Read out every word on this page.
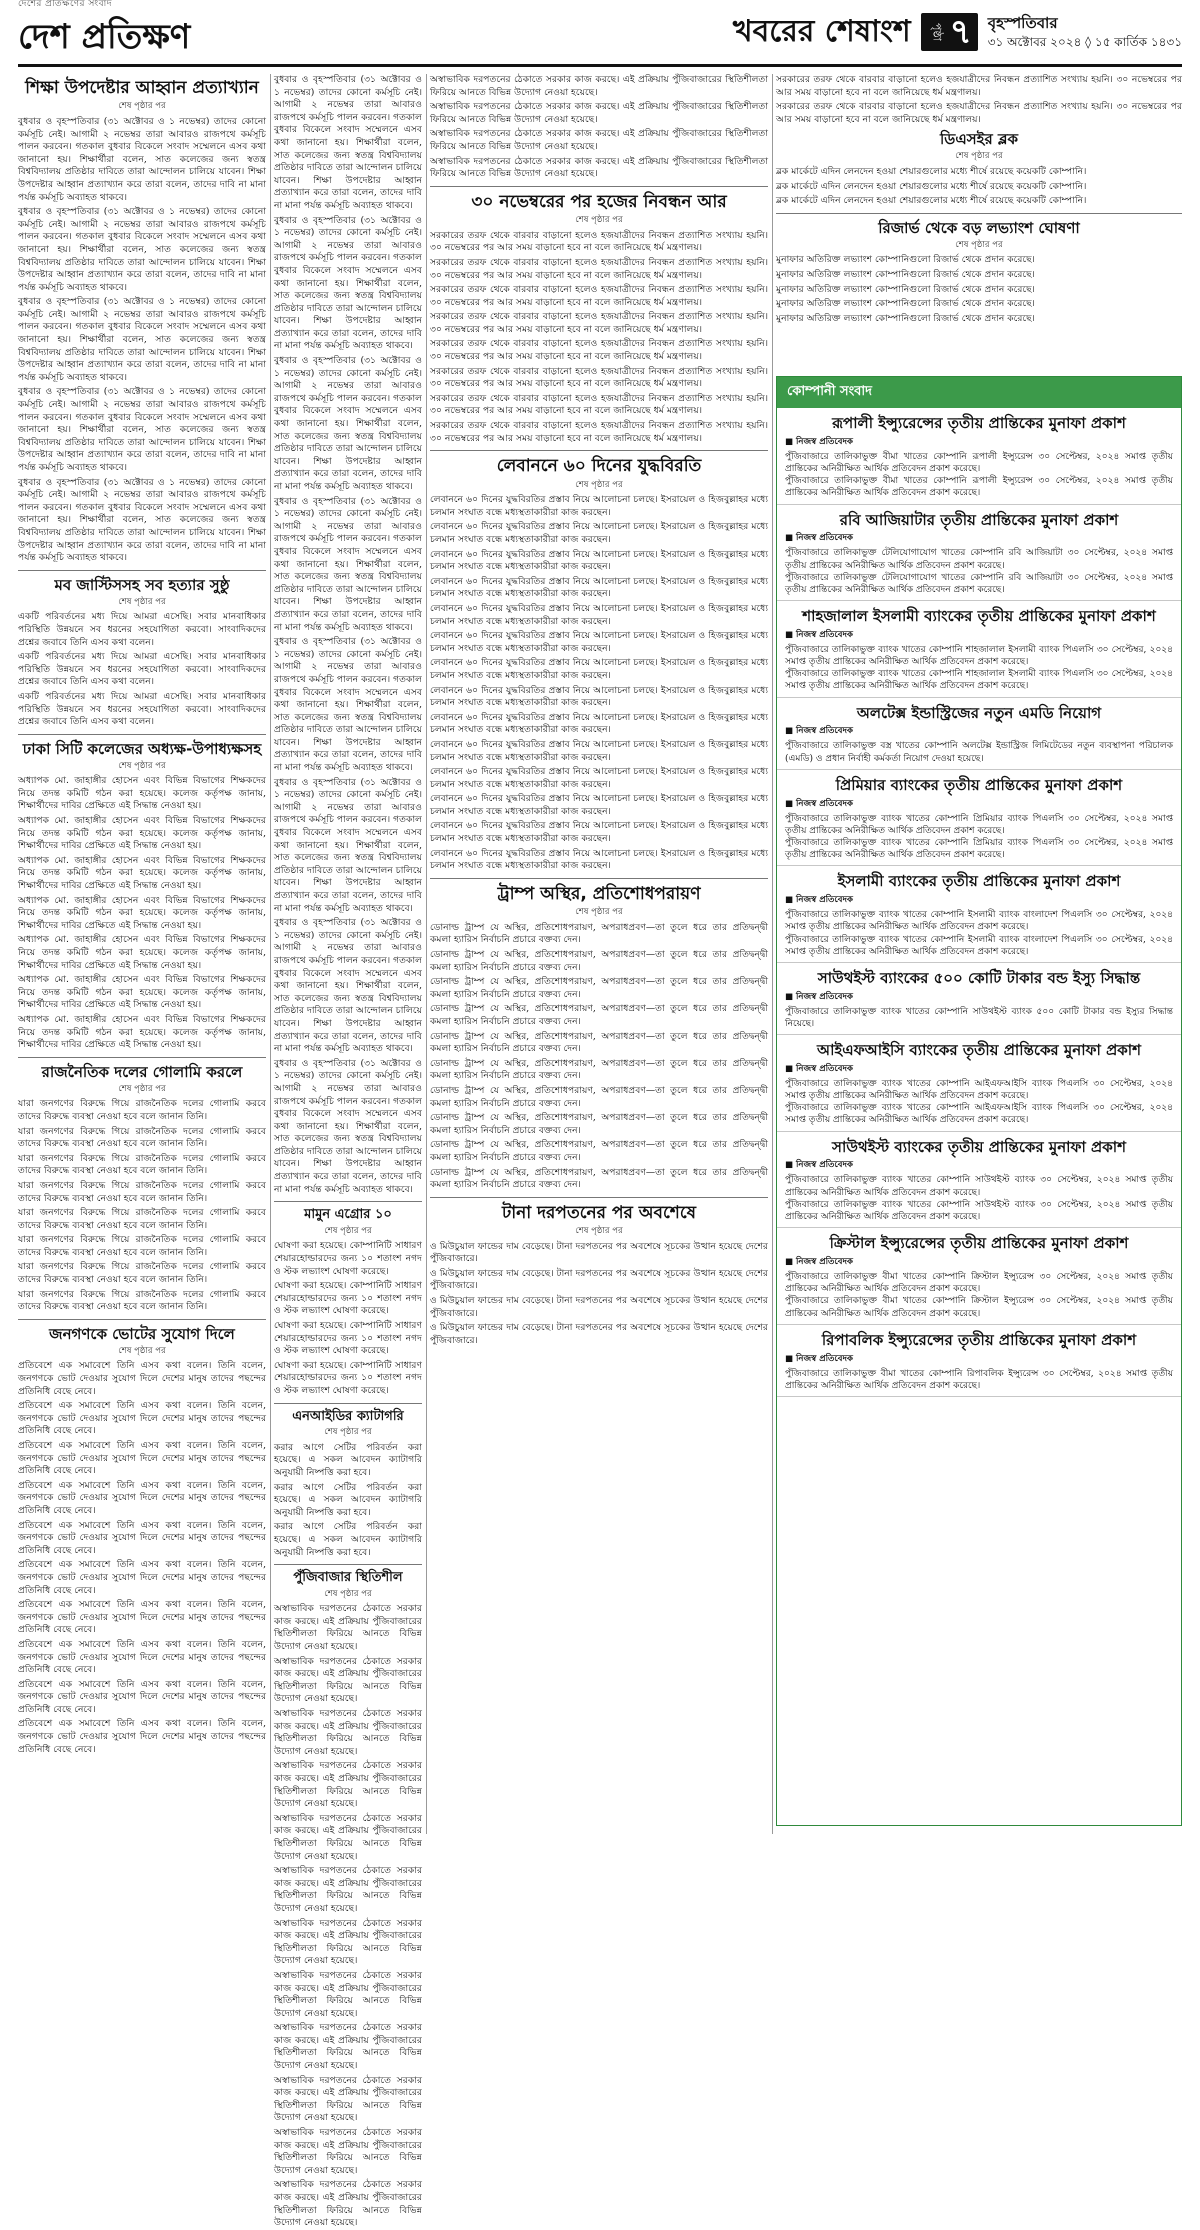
দেশের প্রতিক্ষণের সংবাদ
দেশ প্রতিক্ষণ	খবরের শেষাংশ	পৃষ্ঠা ৭ বৃহস্পতিবার
৩১ অক্টোবর ২০২৪ ◊ ১৫ কার্তিক ১৪৩১
শিক্ষা উপদেষ্টার আহ্বান প্রত্যাখ্যান
শেষ পৃষ্ঠার পর

বুধবার ও বৃহস্পতিবার (৩১ অক্টোবর ও ১ নভেম্বর) তাদের কোনো কর্মসূচি নেই। আগামী ২ নভেম্বর তারা আবারও রাজপথে কর্মসূচি পালন করবেন। গতকাল বুধবার বিকেলে সংবাদ সম্মেলনে এসব কথা জানানো হয়। শিক্ষার্থীরা বলেন, সাত কলেজের জন্য স্বতন্ত্র বিশ্ববিদ্যালয় প্রতিষ্ঠার দাবিতে তারা আন্দোলন চালিয়ে যাবেন। শিক্ষা উপদেষ্টার আহ্বান প্রত্যাখ্যান করে তারা বলেন, তাদের দাবি না মানা পর্যন্ত কর্মসূচি অব্যাহত থাকবে।

বুধবার ও বৃহস্পতিবার (৩১ অক্টোবর ও ১ নভেম্বর) তাদের কোনো কর্মসূচি নেই। আগামী ২ নভেম্বর তারা আবারও রাজপথে কর্মসূচি পালন করবেন। গতকাল বুধবার বিকেলে সংবাদ সম্মেলনে এসব কথা জানানো হয়। শিক্ষার্থীরা বলেন, সাত কলেজের জন্য স্বতন্ত্র বিশ্ববিদ্যালয় প্রতিষ্ঠার দাবিতে তারা আন্দোলন চালিয়ে যাবেন। শিক্ষা উপদেষ্টার আহ্বান প্রত্যাখ্যান করে তারা বলেন, তাদের দাবি না মানা পর্যন্ত কর্মসূচি অব্যাহত থাকবে।

বুধবার ও বৃহস্পতিবার (৩১ অক্টোবর ও ১ নভেম্বর) তাদের কোনো কর্মসূচি নেই। আগামী ২ নভেম্বর তারা আবারও রাজপথে কর্মসূচি পালন করবেন। গতকাল বুধবার বিকেলে সংবাদ সম্মেলনে এসব কথা জানানো হয়। শিক্ষার্থীরা বলেন, সাত কলেজের জন্য স্বতন্ত্র বিশ্ববিদ্যালয় প্রতিষ্ঠার দাবিতে তারা আন্দোলন চালিয়ে যাবেন। শিক্ষা উপদেষ্টার আহ্বান প্রত্যাখ্যান করে তারা বলেন, তাদের দাবি না মানা পর্যন্ত কর্মসূচি অব্যাহত থাকবে।

বুধবার ও বৃহস্পতিবার (৩১ অক্টোবর ও ১ নভেম্বর) তাদের কোনো কর্মসূচি নেই। আগামী ২ নভেম্বর তারা আবারও রাজপথে কর্মসূচি পালন করবেন। গতকাল বুধবার বিকেলে সংবাদ সম্মেলনে এসব কথা জানানো হয়। শিক্ষার্থীরা বলেন, সাত কলেজের জন্য স্বতন্ত্র বিশ্ববিদ্যালয় প্রতিষ্ঠার দাবিতে তারা আন্দোলন চালিয়ে যাবেন। শিক্ষা উপদেষ্টার আহ্বান প্রত্যাখ্যান করে তারা বলেন, তাদের দাবি না মানা পর্যন্ত কর্মসূচি অব্যাহত থাকবে।

বুধবার ও বৃহস্পতিবার (৩১ অক্টোবর ও ১ নভেম্বর) তাদের কোনো কর্মসূচি নেই। আগামী ২ নভেম্বর তারা আবারও রাজপথে কর্মসূচি পালন করবেন। গতকাল বুধবার বিকেলে সংবাদ সম্মেলনে এসব কথা জানানো হয়। শিক্ষার্থীরা বলেন, সাত কলেজের জন্য স্বতন্ত্র বিশ্ববিদ্যালয় প্রতিষ্ঠার দাবিতে তারা আন্দোলন চালিয়ে যাবেন। শিক্ষা উপদেষ্টার আহ্বান প্রত্যাখ্যান করে তারা বলেন, তাদের দাবি না মানা পর্যন্ত কর্মসূচি অব্যাহত থাকবে।

মব জাস্টিসসহ সব হত্যার সুষ্ঠু
শেষ পৃষ্ঠার পর

একটি পরিবর্তনের মধ্য দিয়ে আমরা এসেছি। সবার মানবাধিকার পরিস্থিতি উন্নয়নে সব ধরনের সহযোগিতা করবো। সাংবাদিকদের প্রশ্নের জবাবে তিনি এসব কথা বলেন।

একটি পরিবর্তনের মধ্য দিয়ে আমরা এসেছি। সবার মানবাধিকার পরিস্থিতি উন্নয়নে সব ধরনের সহযোগিতা করবো। সাংবাদিকদের প্রশ্নের জবাবে তিনি এসব কথা বলেন।

একটি পরিবর্তনের মধ্য দিয়ে আমরা এসেছি। সবার মানবাধিকার পরিস্থিতি উন্নয়নে সব ধরনের সহযোগিতা করবো। সাংবাদিকদের প্রশ্নের জবাবে তিনি এসব কথা বলেন।

ঢাকা সিটি কলেজের অধ্যক্ষ-উপাধ্যক্ষসহ
শেষ পৃষ্ঠার পর

অধ্যাপক মো. জাহাঙ্গীর হোসেন এবং বিভিন্ন বিভাগের শিক্ষকদের নিয়ে তদন্ত কমিটি গঠন করা হয়েছে। কলেজ কর্তৃপক্ষ জানায়, শিক্ষার্থীদের দাবির প্রেক্ষিতে এই সিদ্ধান্ত নেওয়া হয়।

অধ্যাপক মো. জাহাঙ্গীর হোসেন এবং বিভিন্ন বিভাগের শিক্ষকদের নিয়ে তদন্ত কমিটি গঠন করা হয়েছে। কলেজ কর্তৃপক্ষ জানায়, শিক্ষার্থীদের দাবির প্রেক্ষিতে এই সিদ্ধান্ত নেওয়া হয়।

অধ্যাপক মো. জাহাঙ্গীর হোসেন এবং বিভিন্ন বিভাগের শিক্ষকদের নিয়ে তদন্ত কমিটি গঠন করা হয়েছে। কলেজ কর্তৃপক্ষ জানায়, শিক্ষার্থীদের দাবির প্রেক্ষিতে এই সিদ্ধান্ত নেওয়া হয়।

অধ্যাপক মো. জাহাঙ্গীর হোসেন এবং বিভিন্ন বিভাগের শিক্ষকদের নিয়ে তদন্ত কমিটি গঠন করা হয়েছে। কলেজ কর্তৃপক্ষ জানায়, শিক্ষার্থীদের দাবির প্রেক্ষিতে এই সিদ্ধান্ত নেওয়া হয়।

অধ্যাপক মো. জাহাঙ্গীর হোসেন এবং বিভিন্ন বিভাগের শিক্ষকদের নিয়ে তদন্ত কমিটি গঠন করা হয়েছে। কলেজ কর্তৃপক্ষ জানায়, শিক্ষার্থীদের দাবির প্রেক্ষিতে এই সিদ্ধান্ত নেওয়া হয়।

অধ্যাপক মো. জাহাঙ্গীর হোসেন এবং বিভিন্ন বিভাগের শিক্ষকদের নিয়ে তদন্ত কমিটি গঠন করা হয়েছে। কলেজ কর্তৃপক্ষ জানায়, শিক্ষার্থীদের দাবির প্রেক্ষিতে এই সিদ্ধান্ত নেওয়া হয়।

অধ্যাপক মো. জাহাঙ্গীর হোসেন এবং বিভিন্ন বিভাগের শিক্ষকদের নিয়ে তদন্ত কমিটি গঠন করা হয়েছে। কলেজ কর্তৃপক্ষ জানায়, শিক্ষার্থীদের দাবির প্রেক্ষিতে এই সিদ্ধান্ত নেওয়া হয়।

রাজনৈতিক দলের গোলামি করলে
শেষ পৃষ্ঠার পর

যারা জনগণের বিরুদ্ধে গিয়ে রাজনৈতিক দলের গোলামি করবে তাদের বিরুদ্ধে ব্যবস্থা নেওয়া হবে বলে জানান তিনি।

যারা জনগণের বিরুদ্ধে গিয়ে রাজনৈতিক দলের গোলামি করবে তাদের বিরুদ্ধে ব্যবস্থা নেওয়া হবে বলে জানান তিনি।

যারা জনগণের বিরুদ্ধে গিয়ে রাজনৈতিক দলের গোলামি করবে তাদের বিরুদ্ধে ব্যবস্থা নেওয়া হবে বলে জানান তিনি।

যারা জনগণের বিরুদ্ধে গিয়ে রাজনৈতিক দলের গোলামি করবে তাদের বিরুদ্ধে ব্যবস্থা নেওয়া হবে বলে জানান তিনি।

যারা জনগণের বিরুদ্ধে গিয়ে রাজনৈতিক দলের গোলামি করবে তাদের বিরুদ্ধে ব্যবস্থা নেওয়া হবে বলে জানান তিনি।

যারা জনগণের বিরুদ্ধে গিয়ে রাজনৈতিক দলের গোলামি করবে তাদের বিরুদ্ধে ব্যবস্থা নেওয়া হবে বলে জানান তিনি।

যারা জনগণের বিরুদ্ধে গিয়ে রাজনৈতিক দলের গোলামি করবে তাদের বিরুদ্ধে ব্যবস্থা নেওয়া হবে বলে জানান তিনি।

যারা জনগণের বিরুদ্ধে গিয়ে রাজনৈতিক দলের গোলামি করবে তাদের বিরুদ্ধে ব্যবস্থা নেওয়া হবে বলে জানান তিনি।

জনগণকে ভোটের সুযোগ দিলে
শেষ পৃষ্ঠার পর

প্রতিবেশে এক সমাবেশে তিনি এসব কথা বলেন। তিনি বলেন, জনগণকে ভোট দেওয়ার সুযোগ দিলে দেশের মানুষ তাদের পছন্দের প্রতিনিধি বেছে নেবে।

প্রতিবেশে এক সমাবেশে তিনি এসব কথা বলেন। তিনি বলেন, জনগণকে ভোট দেওয়ার সুযোগ দিলে দেশের মানুষ তাদের পছন্দের প্রতিনিধি বেছে নেবে।

প্রতিবেশে এক সমাবেশে তিনি এসব কথা বলেন। তিনি বলেন, জনগণকে ভোট দেওয়ার সুযোগ দিলে দেশের মানুষ তাদের পছন্দের প্রতিনিধি বেছে নেবে।

প্রতিবেশে এক সমাবেশে তিনি এসব কথা বলেন। তিনি বলেন, জনগণকে ভোট দেওয়ার সুযোগ দিলে দেশের মানুষ তাদের পছন্দের প্রতিনিধি বেছে নেবে।

প্রতিবেশে এক সমাবেশে তিনি এসব কথা বলেন। তিনি বলেন, জনগণকে ভোট দেওয়ার সুযোগ দিলে দেশের মানুষ তাদের পছন্দের প্রতিনিধি বেছে নেবে।

প্রতিবেশে এক সমাবেশে তিনি এসব কথা বলেন। তিনি বলেন, জনগণকে ভোট দেওয়ার সুযোগ দিলে দেশের মানুষ তাদের পছন্দের প্রতিনিধি বেছে নেবে।

প্রতিবেশে এক সমাবেশে তিনি এসব কথা বলেন। তিনি বলেন, জনগণকে ভোট দেওয়ার সুযোগ দিলে দেশের মানুষ তাদের পছন্দের প্রতিনিধি বেছে নেবে।

প্রতিবেশে এক সমাবেশে তিনি এসব কথা বলেন। তিনি বলেন, জনগণকে ভোট দেওয়ার সুযোগ দিলে দেশের মানুষ তাদের পছন্দের প্রতিনিধি বেছে নেবে।

প্রতিবেশে এক সমাবেশে তিনি এসব কথা বলেন। তিনি বলেন, জনগণকে ভোট দেওয়ার সুযোগ দিলে দেশের মানুষ তাদের পছন্দের প্রতিনিধি বেছে নেবে।

প্রতিবেশে এক সমাবেশে তিনি এসব কথা বলেন। তিনি বলেন, জনগণকে ভোট দেওয়ার সুযোগ দিলে দেশের মানুষ তাদের পছন্দের প্রতিনিধি বেছে নেবে।

বুধবার ও বৃহস্পতিবার (৩১ অক্টোবর ও ১ নভেম্বর) তাদের কোনো কর্মসূচি নেই। আগামী ২ নভেম্বর তারা আবারও রাজপথে কর্মসূচি পালন করবেন। গতকাল বুধবার বিকেলে সংবাদ সম্মেলনে এসব কথা জানানো হয়। শিক্ষার্থীরা বলেন, সাত কলেজের জন্য স্বতন্ত্র বিশ্ববিদ্যালয় প্রতিষ্ঠার দাবিতে তারা আন্দোলন চালিয়ে যাবেন। শিক্ষা উপদেষ্টার আহ্বান প্রত্যাখ্যান করে তারা বলেন, তাদের দাবি না মানা পর্যন্ত কর্মসূচি অব্যাহত থাকবে।

বুধবার ও বৃহস্পতিবার (৩১ অক্টোবর ও ১ নভেম্বর) তাদের কোনো কর্মসূচি নেই। আগামী ২ নভেম্বর তারা আবারও রাজপথে কর্মসূচি পালন করবেন। গতকাল বুধবার বিকেলে সংবাদ সম্মেলনে এসব কথা জানানো হয়। শিক্ষার্থীরা বলেন, সাত কলেজের জন্য স্বতন্ত্র বিশ্ববিদ্যালয় প্রতিষ্ঠার দাবিতে তারা আন্দোলন চালিয়ে যাবেন। শিক্ষা উপদেষ্টার আহ্বান প্রত্যাখ্যান করে তারা বলেন, তাদের দাবি না মানা পর্যন্ত কর্মসূচি অব্যাহত থাকবে।

বুধবার ও বৃহস্পতিবার (৩১ অক্টোবর ও ১ নভেম্বর) তাদের কোনো কর্মসূচি নেই। আগামী ২ নভেম্বর তারা আবারও রাজপথে কর্মসূচি পালন করবেন। গতকাল বুধবার বিকেলে সংবাদ সম্মেলনে এসব কথা জানানো হয়। শিক্ষার্থীরা বলেন, সাত কলেজের জন্য স্বতন্ত্র বিশ্ববিদ্যালয় প্রতিষ্ঠার দাবিতে তারা আন্দোলন চালিয়ে যাবেন। শিক্ষা উপদেষ্টার আহ্বান প্রত্যাখ্যান করে তারা বলেন, তাদের দাবি না মানা পর্যন্ত কর্মসূচি অব্যাহত থাকবে।

বুধবার ও বৃহস্পতিবার (৩১ অক্টোবর ও ১ নভেম্বর) তাদের কোনো কর্মসূচি নেই। আগামী ২ নভেম্বর তারা আবারও রাজপথে কর্মসূচি পালন করবেন। গতকাল বুধবার বিকেলে সংবাদ সম্মেলনে এসব কথা জানানো হয়। শিক্ষার্থীরা বলেন, সাত কলেজের জন্য স্বতন্ত্র বিশ্ববিদ্যালয় প্রতিষ্ঠার দাবিতে তারা আন্দোলন চালিয়ে যাবেন। শিক্ষা উপদেষ্টার আহ্বান প্রত্যাখ্যান করে তারা বলেন, তাদের দাবি না মানা পর্যন্ত কর্মসূচি অব্যাহত থাকবে।

বুধবার ও বৃহস্পতিবার (৩১ অক্টোবর ও ১ নভেম্বর) তাদের কোনো কর্মসূচি নেই। আগামী ২ নভেম্বর তারা আবারও রাজপথে কর্মসূচি পালন করবেন। গতকাল বুধবার বিকেলে সংবাদ সম্মেলনে এসব কথা জানানো হয়। শিক্ষার্থীরা বলেন, সাত কলেজের জন্য স্বতন্ত্র বিশ্ববিদ্যালয় প্রতিষ্ঠার দাবিতে তারা আন্দোলন চালিয়ে যাবেন। শিক্ষা উপদেষ্টার আহ্বান প্রত্যাখ্যান করে তারা বলেন, তাদের দাবি না মানা পর্যন্ত কর্মসূচি অব্যাহত থাকবে।

বুধবার ও বৃহস্পতিবার (৩১ অক্টোবর ও ১ নভেম্বর) তাদের কোনো কর্মসূচি নেই। আগামী ২ নভেম্বর তারা আবারও রাজপথে কর্মসূচি পালন করবেন। গতকাল বুধবার বিকেলে সংবাদ সম্মেলনে এসব কথা জানানো হয়। শিক্ষার্থীরা বলেন, সাত কলেজের জন্য স্বতন্ত্র বিশ্ববিদ্যালয় প্রতিষ্ঠার দাবিতে তারা আন্দোলন চালিয়ে যাবেন। শিক্ষা উপদেষ্টার আহ্বান প্রত্যাখ্যান করে তারা বলেন, তাদের দাবি না মানা পর্যন্ত কর্মসূচি অব্যাহত থাকবে।

বুধবার ও বৃহস্পতিবার (৩১ অক্টোবর ও ১ নভেম্বর) তাদের কোনো কর্মসূচি নেই। আগামী ২ নভেম্বর তারা আবারও রাজপথে কর্মসূচি পালন করবেন। গতকাল বুধবার বিকেলে সংবাদ সম্মেলনে এসব কথা জানানো হয়। শিক্ষার্থীরা বলেন, সাত কলেজের জন্য স্বতন্ত্র বিশ্ববিদ্যালয় প্রতিষ্ঠার দাবিতে তারা আন্দোলন চালিয়ে যাবেন। শিক্ষা উপদেষ্টার আহ্বান প্রত্যাখ্যান করে তারা বলেন, তাদের দাবি না মানা পর্যন্ত কর্মসূচি অব্যাহত থাকবে।

বুধবার ও বৃহস্পতিবার (৩১ অক্টোবর ও ১ নভেম্বর) তাদের কোনো কর্মসূচি নেই। আগামী ২ নভেম্বর তারা আবারও রাজপথে কর্মসূচি পালন করবেন। গতকাল বুধবার বিকেলে সংবাদ সম্মেলনে এসব কথা জানানো হয়। শিক্ষার্থীরা বলেন, সাত কলেজের জন্য স্বতন্ত্র বিশ্ববিদ্যালয় প্রতিষ্ঠার দাবিতে তারা আন্দোলন চালিয়ে যাবেন। শিক্ষা উপদেষ্টার আহ্বান প্রত্যাখ্যান করে তারা বলেন, তাদের দাবি না মানা পর্যন্ত কর্মসূচি অব্যাহত থাকবে।

মামুন এগ্রোর ১০
শেষ পৃষ্ঠার পর

ঘোষণা করা হয়েছে। কোম্পানিটি সাধারণ শেয়ারহোল্ডারদের জন্য ১০ শতাংশ নগদ ও স্টক লভ্যাংশ ঘোষণা করেছে।

ঘোষণা করা হয়েছে। কোম্পানিটি সাধারণ শেয়ারহোল্ডারদের জন্য ১০ শতাংশ নগদ ও স্টক লভ্যাংশ ঘোষণা করেছে।

ঘোষণা করা হয়েছে। কোম্পানিটি সাধারণ শেয়ারহোল্ডারদের জন্য ১০ শতাংশ নগদ ও স্টক লভ্যাংশ ঘোষণা করেছে।

ঘোষণা করা হয়েছে। কোম্পানিটি সাধারণ শেয়ারহোল্ডারদের জন্য ১০ শতাংশ নগদ ও স্টক লভ্যাংশ ঘোষণা করেছে।

এনআইডির ক্যাটাগরি
শেষ পৃষ্ঠার পর

করার আগে সেটির পরিবর্তন করা হয়েছে। এ সকল আবেদন ক্যাটাগরি অনুযায়ী নিষ্পত্তি করা হবে।

করার আগে সেটির পরিবর্তন করা হয়েছে। এ সকল আবেদন ক্যাটাগরি অনুযায়ী নিষ্পত্তি করা হবে।

করার আগে সেটির পরিবর্তন করা হয়েছে। এ সকল আবেদন ক্যাটাগরি অনুযায়ী নিষ্পত্তি করা হবে।

পুঁজিবাজার স্থিতিশীল
শেষ পৃষ্ঠার পর

অস্বাভাবিক দরপতনের ঠেকাতে সরকার কাজ করছে। এই প্রক্রিয়ায় পুঁজিবাজারের স্থিতিশীলতা ফিরিয়ে আনতে বিভিন্ন উদ্যোগ নেওয়া হয়েছে।

অস্বাভাবিক দরপতনের ঠেকাতে সরকার কাজ করছে। এই প্রক্রিয়ায় পুঁজিবাজারের স্থিতিশীলতা ফিরিয়ে আনতে বিভিন্ন উদ্যোগ নেওয়া হয়েছে।

অস্বাভাবিক দরপতনের ঠেকাতে সরকার কাজ করছে। এই প্রক্রিয়ায় পুঁজিবাজারের স্থিতিশীলতা ফিরিয়ে আনতে বিভিন্ন উদ্যোগ নেওয়া হয়েছে।

অস্বাভাবিক দরপতনের ঠেকাতে সরকার কাজ করছে। এই প্রক্রিয়ায় পুঁজিবাজারের স্থিতিশীলতা ফিরিয়ে আনতে বিভিন্ন উদ্যোগ নেওয়া হয়েছে।

অস্বাভাবিক দরপতনের ঠেকাতে সরকার কাজ করছে। এই প্রক্রিয়ায় পুঁজিবাজারের স্থিতিশীলতা ফিরিয়ে আনতে বিভিন্ন উদ্যোগ নেওয়া হয়েছে।

অস্বাভাবিক দরপতনের ঠেকাতে সরকার কাজ করছে। এই প্রক্রিয়ায় পুঁজিবাজারের স্থিতিশীলতা ফিরিয়ে আনতে বিভিন্ন উদ্যোগ নেওয়া হয়েছে।

অস্বাভাবিক দরপতনের ঠেকাতে সরকার কাজ করছে। এই প্রক্রিয়ায় পুঁজিবাজারের স্থিতিশীলতা ফিরিয়ে আনতে বিভিন্ন উদ্যোগ নেওয়া হয়েছে।

অস্বাভাবিক দরপতনের ঠেকাতে সরকার কাজ করছে। এই প্রক্রিয়ায় পুঁজিবাজারের স্থিতিশীলতা ফিরিয়ে আনতে বিভিন্ন উদ্যোগ নেওয়া হয়েছে।

অস্বাভাবিক দরপতনের ঠেকাতে সরকার কাজ করছে। এই প্রক্রিয়ায় পুঁজিবাজারের স্থিতিশীলতা ফিরিয়ে আনতে বিভিন্ন উদ্যোগ নেওয়া হয়েছে।

অস্বাভাবিক দরপতনের ঠেকাতে সরকার কাজ করছে। এই প্রক্রিয়ায় পুঁজিবাজারের স্থিতিশীলতা ফিরিয়ে আনতে বিভিন্ন উদ্যোগ নেওয়া হয়েছে।

অস্বাভাবিক দরপতনের ঠেকাতে সরকার কাজ করছে। এই প্রক্রিয়ায় পুঁজিবাজারের স্থিতিশীলতা ফিরিয়ে আনতে বিভিন্ন উদ্যোগ নেওয়া হয়েছে।

অস্বাভাবিক দরপতনের ঠেকাতে সরকার কাজ করছে। এই প্রক্রিয়ায় পুঁজিবাজারের স্থিতিশীলতা ফিরিয়ে আনতে বিভিন্ন উদ্যোগ নেওয়া হয়েছে।

অস্বাভাবিক দরপতনের ঠেকাতে সরকার কাজ করছে। এই প্রক্রিয়ায় পুঁজিবাজারের স্থিতিশীলতা ফিরিয়ে আনতে বিভিন্ন উদ্যোগ নেওয়া হয়েছে।

অস্বাভাবিক দরপতনের ঠেকাতে সরকার কাজ করছে। এই প্রক্রিয়ায় পুঁজিবাজারের স্থিতিশীলতা ফিরিয়ে আনতে বিভিন্ন উদ্যোগ নেওয়া হয়েছে।

অস্বাভাবিক দরপতনের ঠেকাতে সরকার কাজ করছে। এই প্রক্রিয়ায় পুঁজিবাজারের স্থিতিশীলতা ফিরিয়ে আনতে বিভিন্ন উদ্যোগ নেওয়া হয়েছে।

অস্বাভাবিক দরপতনের ঠেকাতে সরকার কাজ করছে। এই প্রক্রিয়ায় পুঁজিবাজারের স্থিতিশীলতা ফিরিয়ে আনতে বিভিন্ন উদ্যোগ নেওয়া হয়েছে।

৩০ নভেম্বরের পর হজের নিবন্ধন আর
শেষ পৃষ্ঠার পর

সরকারের তরফ থেকে বারবার বাড়ানো হলেও হজযাত্রীদের নিবন্ধন প্রত্যাশিত সংখ্যায় হয়নি। ৩০ নভেম্বরের পর আর সময় বাড়ানো হবে না বলে জানিয়েছে ধর্ম মন্ত্রণালয়।

সরকারের তরফ থেকে বারবার বাড়ানো হলেও হজযাত্রীদের নিবন্ধন প্রত্যাশিত সংখ্যায় হয়নি। ৩০ নভেম্বরের পর আর সময় বাড়ানো হবে না বলে জানিয়েছে ধর্ম মন্ত্রণালয়।

সরকারের তরফ থেকে বারবার বাড়ানো হলেও হজযাত্রীদের নিবন্ধন প্রত্যাশিত সংখ্যায় হয়নি। ৩০ নভেম্বরের পর আর সময় বাড়ানো হবে না বলে জানিয়েছে ধর্ম মন্ত্রণালয়।

সরকারের তরফ থেকে বারবার বাড়ানো হলেও হজযাত্রীদের নিবন্ধন প্রত্যাশিত সংখ্যায় হয়নি। ৩০ নভেম্বরের পর আর সময় বাড়ানো হবে না বলে জানিয়েছে ধর্ম মন্ত্রণালয়।

সরকারের তরফ থেকে বারবার বাড়ানো হলেও হজযাত্রীদের নিবন্ধন প্রত্যাশিত সংখ্যায় হয়নি। ৩০ নভেম্বরের পর আর সময় বাড়ানো হবে না বলে জানিয়েছে ধর্ম মন্ত্রণালয়।

সরকারের তরফ থেকে বারবার বাড়ানো হলেও হজযাত্রীদের নিবন্ধন প্রত্যাশিত সংখ্যায় হয়নি। ৩০ নভেম্বরের পর আর সময় বাড়ানো হবে না বলে জানিয়েছে ধর্ম মন্ত্রণালয়।

সরকারের তরফ থেকে বারবার বাড়ানো হলেও হজযাত্রীদের নিবন্ধন প্রত্যাশিত সংখ্যায় হয়নি। ৩০ নভেম্বরের পর আর সময় বাড়ানো হবে না বলে জানিয়েছে ধর্ম মন্ত্রণালয়।

সরকারের তরফ থেকে বারবার বাড়ানো হলেও হজযাত্রীদের নিবন্ধন প্রত্যাশিত সংখ্যায় হয়নি। ৩০ নভেম্বরের পর আর সময় বাড়ানো হবে না বলে জানিয়েছে ধর্ম মন্ত্রণালয়।

লেবাননে ৬০ দিনের যুদ্ধবিরতি
শেষ পৃষ্ঠার পর

লেবাননে ৬০ দিনের যুদ্ধবিরতির প্রস্তাব নিয়ে আলোচনা চলছে। ইসরায়েল ও হিজবুল্লাহর মধ্যে চলমান সংঘাত বন্ধে মধ্যস্থতাকারীরা কাজ করছেন।

লেবাননে ৬০ দিনের যুদ্ধবিরতির প্রস্তাব নিয়ে আলোচনা চলছে। ইসরায়েল ও হিজবুল্লাহর মধ্যে চলমান সংঘাত বন্ধে মধ্যস্থতাকারীরা কাজ করছেন।

লেবাননে ৬০ দিনের যুদ্ধবিরতির প্রস্তাব নিয়ে আলোচনা চলছে। ইসরায়েল ও হিজবুল্লাহর মধ্যে চলমান সংঘাত বন্ধে মধ্যস্থতাকারীরা কাজ করছেন।

লেবাননে ৬০ দিনের যুদ্ধবিরতির প্রস্তাব নিয়ে আলোচনা চলছে। ইসরায়েল ও হিজবুল্লাহর মধ্যে চলমান সংঘাত বন্ধে মধ্যস্থতাকারীরা কাজ করছেন।

লেবাননে ৬০ দিনের যুদ্ধবিরতির প্রস্তাব নিয়ে আলোচনা চলছে। ইসরায়েল ও হিজবুল্লাহর মধ্যে চলমান সংঘাত বন্ধে মধ্যস্থতাকারীরা কাজ করছেন।

লেবাননে ৬০ দিনের যুদ্ধবিরতির প্রস্তাব নিয়ে আলোচনা চলছে। ইসরায়েল ও হিজবুল্লাহর মধ্যে চলমান সংঘাত বন্ধে মধ্যস্থতাকারীরা কাজ করছেন।

লেবাননে ৬০ দিনের যুদ্ধবিরতির প্রস্তাব নিয়ে আলোচনা চলছে। ইসরায়েল ও হিজবুল্লাহর মধ্যে চলমান সংঘাত বন্ধে মধ্যস্থতাকারীরা কাজ করছেন।

লেবাননে ৬০ দিনের যুদ্ধবিরতির প্রস্তাব নিয়ে আলোচনা চলছে। ইসরায়েল ও হিজবুল্লাহর মধ্যে চলমান সংঘাত বন্ধে মধ্যস্থতাকারীরা কাজ করছেন।

লেবাননে ৬০ দিনের যুদ্ধবিরতির প্রস্তাব নিয়ে আলোচনা চলছে। ইসরায়েল ও হিজবুল্লাহর মধ্যে চলমান সংঘাত বন্ধে মধ্যস্থতাকারীরা কাজ করছেন।

লেবাননে ৬০ দিনের যুদ্ধবিরতির প্রস্তাব নিয়ে আলোচনা চলছে। ইসরায়েল ও হিজবুল্লাহর মধ্যে চলমান সংঘাত বন্ধে মধ্যস্থতাকারীরা কাজ করছেন।

লেবাননে ৬০ দিনের যুদ্ধবিরতির প্রস্তাব নিয়ে আলোচনা চলছে। ইসরায়েল ও হিজবুল্লাহর মধ্যে চলমান সংঘাত বন্ধে মধ্যস্থতাকারীরা কাজ করছেন।

লেবাননে ৬০ দিনের যুদ্ধবিরতির প্রস্তাব নিয়ে আলোচনা চলছে। ইসরায়েল ও হিজবুল্লাহর মধ্যে চলমান সংঘাত বন্ধে মধ্যস্থতাকারীরা কাজ করছেন।

লেবাননে ৬০ দিনের যুদ্ধবিরতির প্রস্তাব নিয়ে আলোচনা চলছে। ইসরায়েল ও হিজবুল্লাহর মধ্যে চলমান সংঘাত বন্ধে মধ্যস্থতাকারীরা কাজ করছেন।

লেবাননে ৬০ দিনের যুদ্ধবিরতির প্রস্তাব নিয়ে আলোচনা চলছে। ইসরায়েল ও হিজবুল্লাহর মধ্যে চলমান সংঘাত বন্ধে মধ্যস্থতাকারীরা কাজ করছেন।

ট্রাম্প অস্থির, প্রতিশোধপরায়ণ
শেষ পৃষ্ঠার পর

ডোনাল্ড ট্রাম্প যে অস্থির, প্রতিশোধপরায়ণ, অপরাধপ্রবণ—তা তুলে ধরে তার প্রতিদ্বন্দ্বী কমলা হ্যারিস নির্বাচনি প্রচারে বক্তব্য দেন।

ডোনাল্ড ট্রাম্প যে অস্থির, প্রতিশোধপরায়ণ, অপরাধপ্রবণ—তা তুলে ধরে তার প্রতিদ্বন্দ্বী কমলা হ্যারিস নির্বাচনি প্রচারে বক্তব্য দেন।

ডোনাল্ড ট্রাম্প যে অস্থির, প্রতিশোধপরায়ণ, অপরাধপ্রবণ—তা তুলে ধরে তার প্রতিদ্বন্দ্বী কমলা হ্যারিস নির্বাচনি প্রচারে বক্তব্য দেন।

ডোনাল্ড ট্রাম্প যে অস্থির, প্রতিশোধপরায়ণ, অপরাধপ্রবণ—তা তুলে ধরে তার প্রতিদ্বন্দ্বী কমলা হ্যারিস নির্বাচনি প্রচারে বক্তব্য দেন।

ডোনাল্ড ট্রাম্প যে অস্থির, প্রতিশোধপরায়ণ, অপরাধপ্রবণ—তা তুলে ধরে তার প্রতিদ্বন্দ্বী কমলা হ্যারিস নির্বাচনি প্রচারে বক্তব্য দেন।

ডোনাল্ড ট্রাম্প যে অস্থির, প্রতিশোধপরায়ণ, অপরাধপ্রবণ—তা তুলে ধরে তার প্রতিদ্বন্দ্বী কমলা হ্যারিস নির্বাচনি প্রচারে বক্তব্য দেন।

ডোনাল্ড ট্রাম্প যে অস্থির, প্রতিশোধপরায়ণ, অপরাধপ্রবণ—তা তুলে ধরে তার প্রতিদ্বন্দ্বী কমলা হ্যারিস নির্বাচনি প্রচারে বক্তব্য দেন।

ডোনাল্ড ট্রাম্প যে অস্থির, প্রতিশোধপরায়ণ, অপরাধপ্রবণ—তা তুলে ধরে তার প্রতিদ্বন্দ্বী কমলা হ্যারিস নির্বাচনি প্রচারে বক্তব্য দেন।

ডোনাল্ড ট্রাম্প যে অস্থির, প্রতিশোধপরায়ণ, অপরাধপ্রবণ—তা তুলে ধরে তার প্রতিদ্বন্দ্বী কমলা হ্যারিস নির্বাচনি প্রচারে বক্তব্য দেন।

ডোনাল্ড ট্রাম্প যে অস্থির, প্রতিশোধপরায়ণ, অপরাধপ্রবণ—তা তুলে ধরে তার প্রতিদ্বন্দ্বী কমলা হ্যারিস নির্বাচনি প্রচারে বক্তব্য দেন।

টানা দরপতনের পর অবশেষে
শেষ পৃষ্ঠার পর

ও মিউচুয়াল ফান্ডের দাম বেড়েছে। টানা দরপতনের পর অবশেষে সূচকের উত্থান হয়েছে দেশের পুঁজিবাজারে।

ও মিউচুয়াল ফান্ডের দাম বেড়েছে। টানা দরপতনের পর অবশেষে সূচকের উত্থান হয়েছে দেশের পুঁজিবাজারে।

ও মিউচুয়াল ফান্ডের দাম বেড়েছে। টানা দরপতনের পর অবশেষে সূচকের উত্থান হয়েছে দেশের পুঁজিবাজারে।

ও মিউচুয়াল ফান্ডের দাম বেড়েছে। টানা দরপতনের পর অবশেষে সূচকের উত্থান হয়েছে দেশের পুঁজিবাজারে।

সরকারের তরফ থেকে বারবার বাড়ানো হলেও হজযাত্রীদের নিবন্ধন প্রত্যাশিত সংখ্যায় হয়নি। ৩০ নভেম্বরের পর আর সময় বাড়ানো হবে না বলে জানিয়েছে ধর্ম মন্ত্রণালয়।

সরকারের তরফ থেকে বারবার বাড়ানো হলেও হজযাত্রীদের নিবন্ধন প্রত্যাশিত সংখ্যায় হয়নি। ৩০ নভেম্বরের পর আর সময় বাড়ানো হবে না বলে জানিয়েছে ধর্ম মন্ত্রণালয়।

ডিএসইর ব্লক
শেষ পৃষ্ঠার পর

ব্লক মার্কেটে এদিন লেনদেন হওয়া শেয়ারগুলোর মধ্যে শীর্ষে রয়েছে কয়েকটি কোম্পানি।

ব্লক মার্কেটে এদিন লেনদেন হওয়া শেয়ারগুলোর মধ্যে শীর্ষে রয়েছে কয়েকটি কোম্পানি।

ব্লক মার্কেটে এদিন লেনদেন হওয়া শেয়ারগুলোর মধ্যে শীর্ষে রয়েছে কয়েকটি কোম্পানি।

রিজার্ভ থেকে বড় লভ্যাংশ ঘোষণা
শেষ পৃষ্ঠার পর

মুনাফার অতিরিক্ত লভ্যাংশ কোম্পানিগুলো রিজার্ভ থেকে প্রদান করেছে।

মুনাফার অতিরিক্ত লভ্যাংশ কোম্পানিগুলো রিজার্ভ থেকে প্রদান করেছে।

মুনাফার অতিরিক্ত লভ্যাংশ কোম্পানিগুলো রিজার্ভ থেকে প্রদান করেছে।

মুনাফার অতিরিক্ত লভ্যাংশ কোম্পানিগুলো রিজার্ভ থেকে প্রদান করেছে।

মুনাফার অতিরিক্ত লভ্যাংশ কোম্পানিগুলো রিজার্ভ থেকে প্রদান করেছে।

কোম্পানী সংবাদ
রূপালী ইন্স্যুরেন্সের তৃতীয় প্রান্তিকের মুনাফা প্রকাশ
■ নিজস্ব প্রতিবেদক

পুঁজিবাজারে তালিকাভুক্ত বীমা খাতের কোম্পানি রূপালী ইন্স্যুরেন্স ৩০ সেপ্টেম্বর, ২০২৪ সমাপ্ত তৃতীয় প্রান্তিকের অনিরীক্ষিত আর্থিক প্রতিবেদন প্রকাশ করেছে।

পুঁজিবাজারে তালিকাভুক্ত বীমা খাতের কোম্পানি রূপালী ইন্স্যুরেন্স ৩০ সেপ্টেম্বর, ২০২৪ সমাপ্ত তৃতীয় প্রান্তিকের অনিরীক্ষিত আর্থিক প্রতিবেদন প্রকাশ করেছে।

রবি আজিয়াটার তৃতীয় প্রান্তিকের মুনাফা প্রকাশ
■ নিজস্ব প্রতিবেদক

পুঁজিবাজারে তালিকাভুক্ত টেলিযোগাযোগ খাতের কোম্পানি রবি আজিয়াটা ৩০ সেপ্টেম্বর, ২০২৪ সমাপ্ত তৃতীয় প্রান্তিকের অনিরীক্ষিত আর্থিক প্রতিবেদন প্রকাশ করেছে।

পুঁজিবাজারে তালিকাভুক্ত টেলিযোগাযোগ খাতের কোম্পানি রবি আজিয়াটা ৩০ সেপ্টেম্বর, ২০২৪ সমাপ্ত তৃতীয় প্রান্তিকের অনিরীক্ষিত আর্থিক প্রতিবেদন প্রকাশ করেছে।

শাহজালাল ইসলামী ব্যাংকের তৃতীয় প্রান্তিকের মুনাফা প্রকাশ
■ নিজস্ব প্রতিবেদক

পুঁজিবাজারে তালিকাভুক্ত ব্যাংক খাতের কোম্পানি শাহজালাল ইসলামী ব্যাংক পিএলসি ৩০ সেপ্টেম্বর, ২০২৪ সমাপ্ত তৃতীয় প্রান্তিকের অনিরীক্ষিত আর্থিক প্রতিবেদন প্রকাশ করেছে।

পুঁজিবাজারে তালিকাভুক্ত ব্যাংক খাতের কোম্পানি শাহজালাল ইসলামী ব্যাংক পিএলসি ৩০ সেপ্টেম্বর, ২০২৪ সমাপ্ত তৃতীয় প্রান্তিকের অনিরীক্ষিত আর্থিক প্রতিবেদন প্রকাশ করেছে।

অলটেক্স ইন্ডাস্ট্রিজের নতুন এমডি নিয়োগ
■ নিজস্ব প্রতিবেদক

পুঁজিবাজারে তালিকাভুক্ত বস্ত্র খাতের কোম্পানি অলটেক্স ইন্ডাস্ট্রিজ লিমিটেডের নতুন ব্যবস্থাপনা পরিচালক (এমডি) ও প্রধান নির্বাহী কর্মকর্তা নিয়োগ দেওয়া হয়েছে।

প্রিমিয়ার ব্যাংকের তৃতীয় প্রান্তিকের মুনাফা প্রকাশ
■ নিজস্ব প্রতিবেদক

পুঁজিবাজারে তালিকাভুক্ত ব্যাংক খাতের কোম্পানি প্রিমিয়ার ব্যাংক পিএলসি ৩০ সেপ্টেম্বর, ২০২৪ সমাপ্ত তৃতীয় প্রান্তিকের অনিরীক্ষিত আর্থিক প্রতিবেদন প্রকাশ করেছে।

পুঁজিবাজারে তালিকাভুক্ত ব্যাংক খাতের কোম্পানি প্রিমিয়ার ব্যাংক পিএলসি ৩০ সেপ্টেম্বর, ২০২৪ সমাপ্ত তৃতীয় প্রান্তিকের অনিরীক্ষিত আর্থিক প্রতিবেদন প্রকাশ করেছে।

ইসলামী ব্যাংকের তৃতীয় প্রান্তিকের মুনাফা প্রকাশ
■ নিজস্ব প্রতিবেদক

পুঁজিবাজারে তালিকাভুক্ত ব্যাংক খাতের কোম্পানি ইসলামী ব্যাংক বাংলাদেশ পিএলসি ৩০ সেপ্টেম্বর, ২০২৪ সমাপ্ত তৃতীয় প্রান্তিকের অনিরীক্ষিত আর্থিক প্রতিবেদন প্রকাশ করেছে।

পুঁজিবাজারে তালিকাভুক্ত ব্যাংক খাতের কোম্পানি ইসলামী ব্যাংক বাংলাদেশ পিএলসি ৩০ সেপ্টেম্বর, ২০২৪ সমাপ্ত তৃতীয় প্রান্তিকের অনিরীক্ষিত আর্থিক প্রতিবেদন প্রকাশ করেছে।

সাউথইস্ট ব্যাংকের ৫০০ কোটি টাকার বন্ড ইস্যু সিদ্ধান্ত
■ নিজস্ব প্রতিবেদক

পুঁজিবাজারে তালিকাভুক্ত ব্যাংক খাতের কোম্পানি সাউথইস্ট ব্যাংক ৫০০ কোটি টাকার বন্ড ইস্যুর সিদ্ধান্ত নিয়েছে।

আইএফআইসি ব্যাংকের তৃতীয় প্রান্তিকের মুনাফা প্রকাশ
■ নিজস্ব প্রতিবেদক

পুঁজিবাজারে তালিকাভুক্ত ব্যাংক খাতের কোম্পানি আইএফআইসি ব্যাংক পিএলসি ৩০ সেপ্টেম্বর, ২০২৪ সমাপ্ত তৃতীয় প্রান্তিকের অনিরীক্ষিত আর্থিক প্রতিবেদন প্রকাশ করেছে।

পুঁজিবাজারে তালিকাভুক্ত ব্যাংক খাতের কোম্পানি আইএফআইসি ব্যাংক পিএলসি ৩০ সেপ্টেম্বর, ২০২৪ সমাপ্ত তৃতীয় প্রান্তিকের অনিরীক্ষিত আর্থিক প্রতিবেদন প্রকাশ করেছে।

সাউথইস্ট ব্যাংকের তৃতীয় প্রান্তিকের মুনাফা প্রকাশ
■ নিজস্ব প্রতিবেদক

পুঁজিবাজারে তালিকাভুক্ত ব্যাংক খাতের কোম্পানি সাউথইস্ট ব্যাংক ৩০ সেপ্টেম্বর, ২০২৪ সমাপ্ত তৃতীয় প্রান্তিকের অনিরীক্ষিত আর্থিক প্রতিবেদন প্রকাশ করেছে।

পুঁজিবাজারে তালিকাভুক্ত ব্যাংক খাতের কোম্পানি সাউথইস্ট ব্যাংক ৩০ সেপ্টেম্বর, ২০২৪ সমাপ্ত তৃতীয় প্রান্তিকের অনিরীক্ষিত আর্থিক প্রতিবেদন প্রকাশ করেছে।

ক্রিস্টাল ইন্স্যুরেন্সের তৃতীয় প্রান্তিকের মুনাফা প্রকাশ
■ নিজস্ব প্রতিবেদক

পুঁজিবাজারে তালিকাভুক্ত বীমা খাতের কোম্পানি ক্রিস্টাল ইন্স্যুরেন্স ৩০ সেপ্টেম্বর, ২০২৪ সমাপ্ত তৃতীয় প্রান্তিকের অনিরীক্ষিত আর্থিক প্রতিবেদন প্রকাশ করেছে।

পুঁজিবাজারে তালিকাভুক্ত বীমা খাতের কোম্পানি ক্রিস্টাল ইন্স্যুরেন্স ৩০ সেপ্টেম্বর, ২০২৪ সমাপ্ত তৃতীয় প্রান্তিকের অনিরীক্ষিত আর্থিক প্রতিবেদন প্রকাশ করেছে।

রিপাবলিক ইন্স্যুরেন্সের তৃতীয় প্রান্তিকের মুনাফা প্রকাশ
■ নিজস্ব প্রতিবেদক

পুঁজিবাজারে তালিকাভুক্ত বীমা খাতের কোম্পানি রিপাবলিক ইন্স্যুরেন্স ৩০ সেপ্টেম্বর, ২০২৪ সমাপ্ত তৃতীয় প্রান্তিকের অনিরীক্ষিত আর্থিক প্রতিবেদন প্রকাশ করেছে।
